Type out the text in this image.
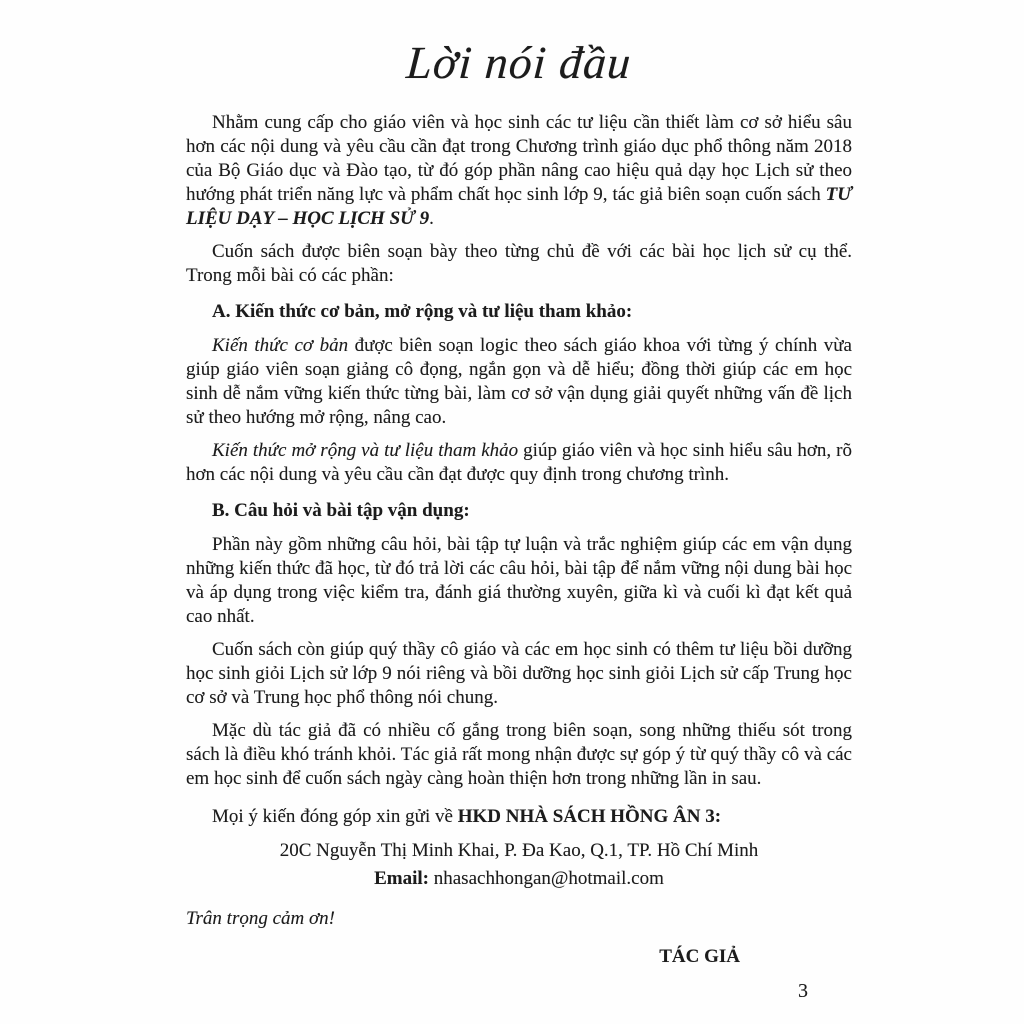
Lời nói đầu

Nhằm cung cấp cho giáo viên và học sinh các tư liệu cần thiết làm cơ sở hiểu sâu hơn các nội dung và yêu cầu cần đạt trong Chương trình giáo dục phổ thông năm 2018 của Bộ Giáo dục và Đào tạo, từ đó góp phần nâng cao hiệu quả dạy học Lịch sử theo hướng phát triển năng lực và phẩm chất học sinh lớp 9, tác giả biên soạn cuốn sách TƯ LIỆU DẠY – HỌC LỊCH SỬ 9.

Cuốn sách được biên soạn bày theo từng chủ đề với các bài học lịch sử cụ thể. Trong mỗi bài có các phần:

A. Kiến thức cơ bản, mở rộng và tư liệu tham khảo:

Kiến thức cơ bản được biên soạn logic theo sách giáo khoa với từng ý chính vừa giúp giáo viên soạn giảng cô đọng, ngắn gọn và dễ hiểu; đồng thời giúp các em học sinh dễ nắm vững kiến thức từng bài, làm cơ sở vận dụng giải quyết những vấn đề lịch sử theo hướng mở rộng, nâng cao.

Kiến thức mở rộng và tư liệu tham khảo giúp giáo viên và học sinh hiểu sâu hơn, rõ hơn các nội dung và yêu cầu cần đạt được quy định trong chương trình.

B. Câu hỏi và bài tập vận dụng:

Phần này gồm những câu hỏi, bài tập tự luận và trắc nghiệm giúp các em vận dụng những kiến thức đã học, từ đó trả lời các câu hỏi, bài tập để nắm vững nội dung bài học và áp dụng trong việc kiểm tra, đánh giá thường xuyên, giữa kì và cuối kì đạt kết quả cao nhất.

Cuốn sách còn giúp quý thầy cô giáo và các em học sinh có thêm tư liệu bồi dưỡng học sinh giỏi Lịch sử lớp 9 nói riêng và bồi dưỡng học sinh giỏi Lịch sử cấp Trung học cơ sở và Trung học phổ thông nói chung.

Mặc dù tác giả đã có nhiều cố gắng trong biên soạn, song những thiếu sót trong sách là điều khó tránh khỏi. Tác giả rất mong nhận được sự góp ý từ quý thầy cô và các em học sinh để cuốn sách ngày càng hoàn thiện hơn trong những lần in sau.

Mọi ý kiến đóng góp xin gửi về HKD NHÀ SÁCH HỒNG ÂN 3:

20C Nguyễn Thị Minh Khai, P. Đa Kao, Q.1, TP. Hồ Chí Minh

Email: nhasachhongan@hotmail.com

Trân trọng cảm ơn!

TÁC GIẢ

3
